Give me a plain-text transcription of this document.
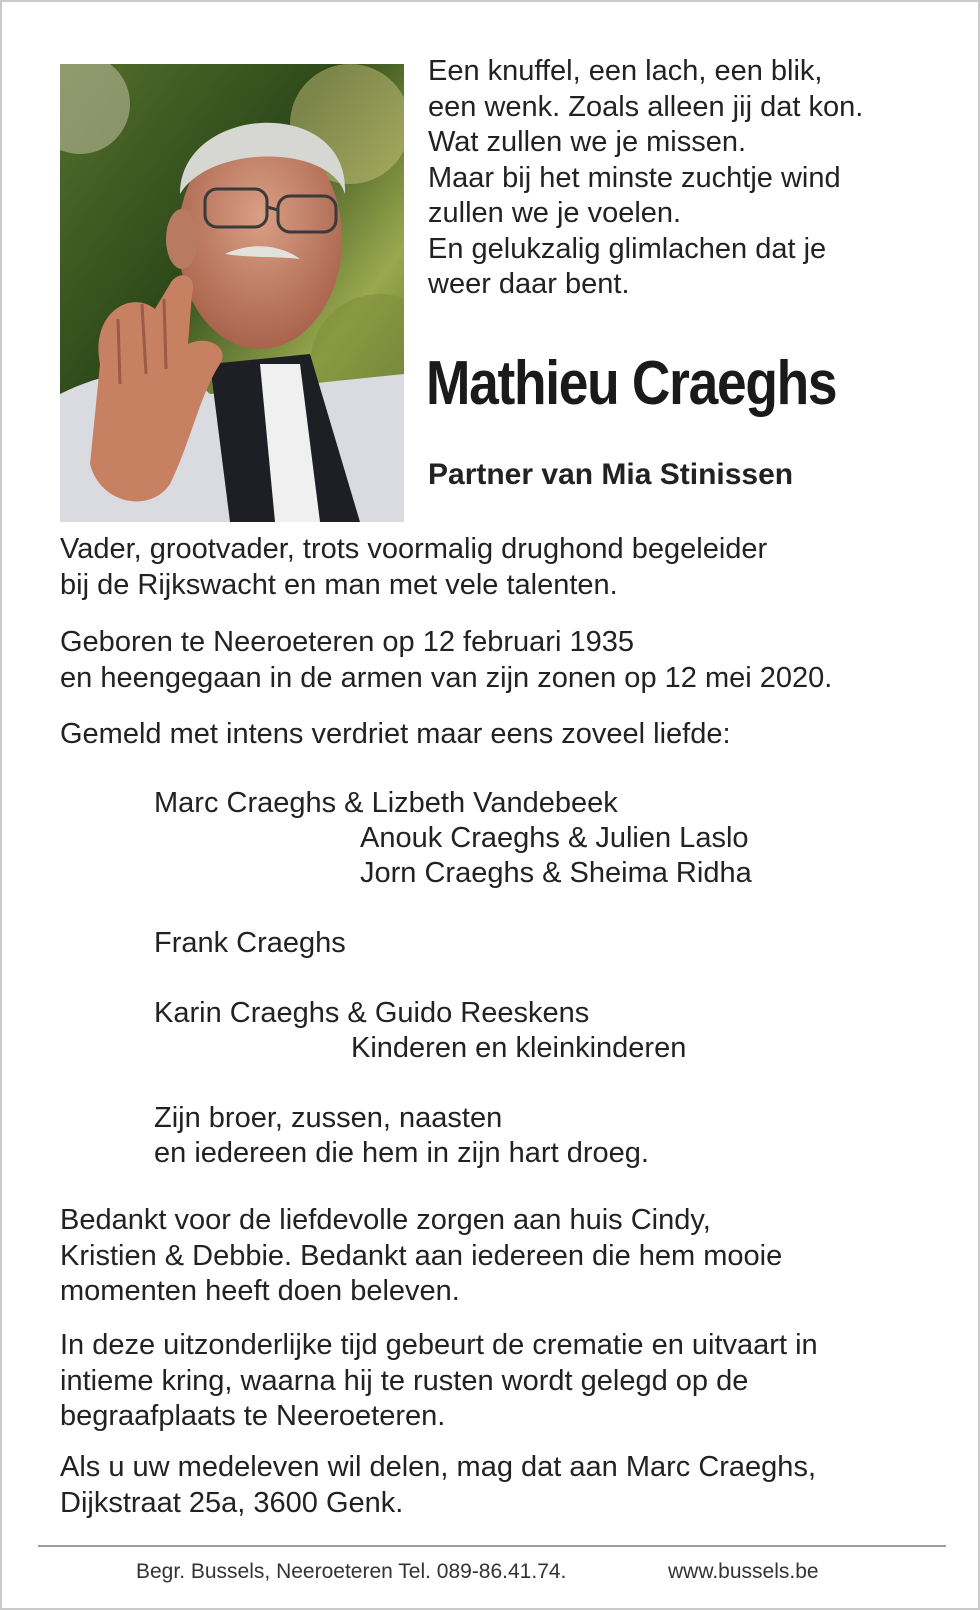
Een knuffel, een lach, een blik,
een wenk. Zoals alleen jij dat kon.
Wat zullen we je missen.
Maar bij het minste zuchtje wind
zullen we je voelen.
En gelukzalig glimlachen dat je
weer daar bent.
Mathieu Craeghs
Partner van Mia Stinissen
Vader, grootvader, trots voormalig drughond begeleider
bij de Rijkswacht en man met vele talenten.
Geboren te Neeroeteren op 12 februari 1935
en heengegaan in de armen van zijn zonen op 12 mei 2020.
Gemeld met intens verdriet maar eens zoveel liefde:
Marc Craeghs & Lizbeth Vandebeek
Anouk Craeghs & Julien Laslo
Jorn Craeghs & Sheima Ridha
Frank Craeghs
Karin Craeghs & Guido Reeskens
Kinderen en kleinkinderen
Zijn broer, zussen, naasten
en iedereen die hem in zijn hart droeg.
Bedankt voor de liefdevolle zorgen aan huis Cindy,
Kristien & Debbie. Bedankt aan iedereen die hem mooie
momenten heeft doen beleven.
In deze uitzonderlijke tijd gebeurt de crematie en uitvaart in
intieme kring, waarna hij te rusten wordt gelegd op de
begraafplaats te Neeroeteren.
Als u uw medeleven wil delen, mag dat aan Marc Craeghs,
Dijkstraat 25a, 3600 Genk.
Begr. Bussels, Neeroeteren Tel. 089-86.41.74.	www.bussels.be
